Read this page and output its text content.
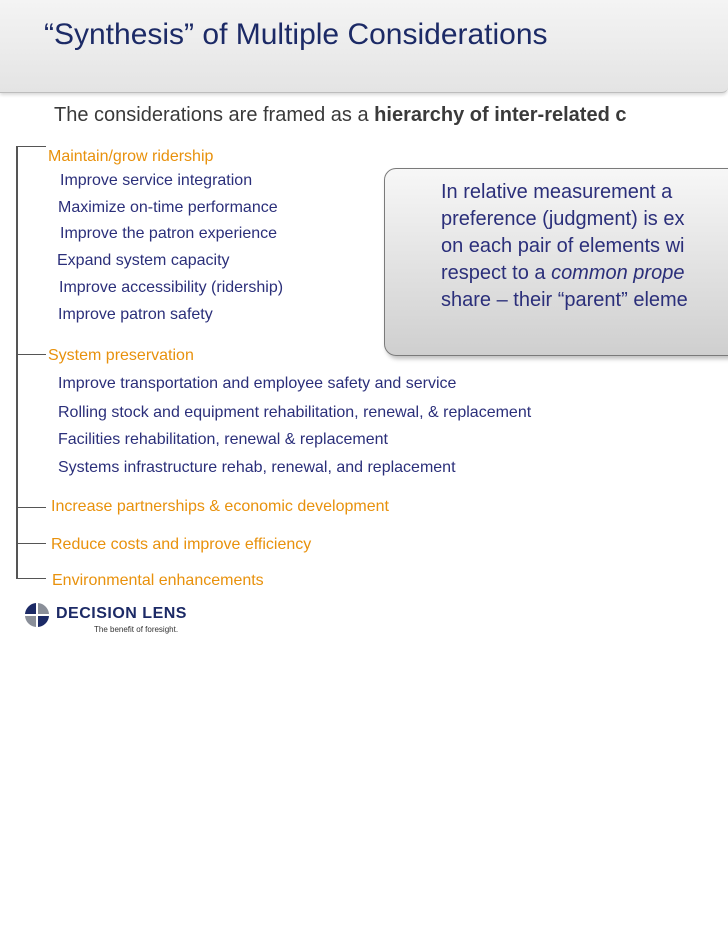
“Synthesis” of Multiple Considerations
The considerations are framed as a hierarchy of inter-related c
Maintain/grow ridership
Improve service integration
Maximize on-time performance
Improve the patron experience
Expand system capacity
Improve accessibility (ridership)
Improve patron safety
System preservation
Improve transportation and employee safety and service
Rolling stock and equipment rehabilitation, renewal, & replacement
Facilities rehabilitation, renewal & replacement
Systems infrastructure rehab, renewal, and replacement
Increase partnerships & economic development
Reduce costs and improve efficiency
Environmental enhancements
In relative measurement a
preference (judgment) is ex
on each pair of elements wi
respect to a common prope
share – their “parent” eleme
DECISION LENS
The benefit of foresight.
